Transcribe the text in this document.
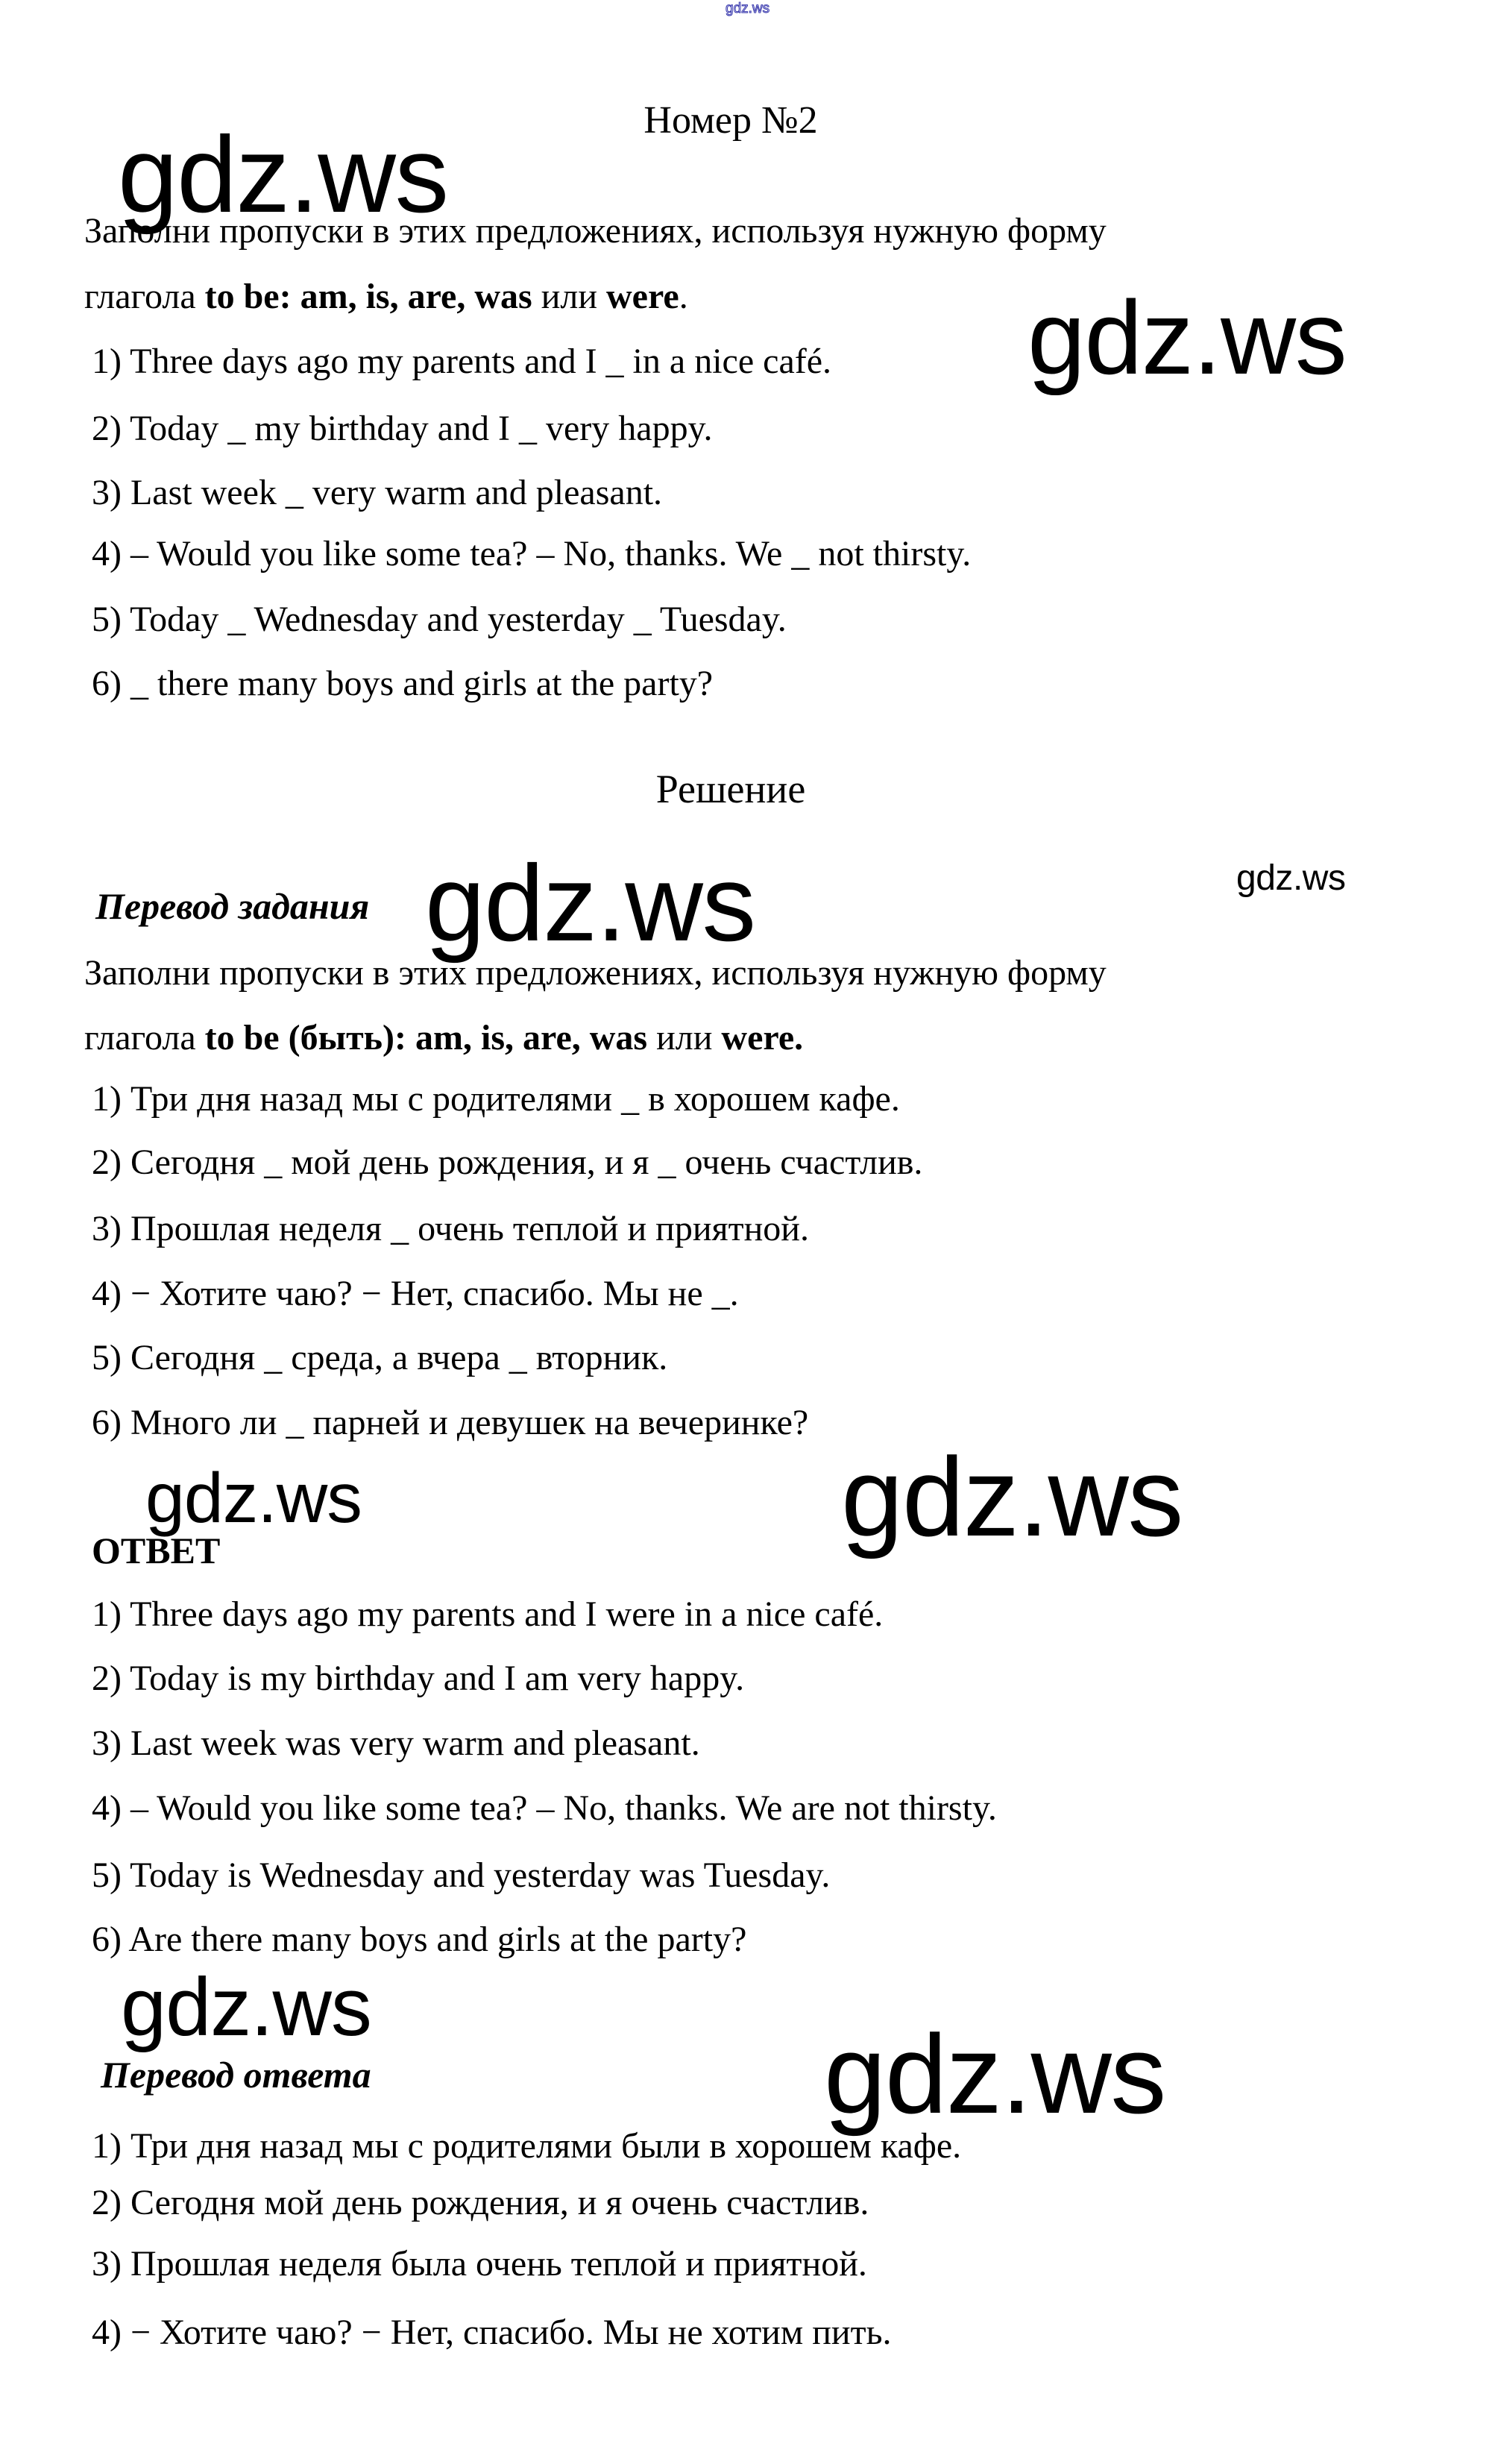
gdz.ws
Номер №2
gdz.ws
Заполни пропуски в этих предложениях, используя нужную форму
глагола to be: am, is, are, was или were.
1) Three days ago my parents and I _ in a nice café.
2) Today _ my birthday and I _ very happy.
3) Last week _ very warm and pleasant.
4) – Would you like some tea? – No, thanks. We _ not thirsty.
5) Today _ Wednesday and yesterday _ Tuesday.
6) _ there many boys and girls at the party?
gdz.ws
Решение
Перевод задания gdz.ws	gdz.ws
Заполни пропуски в этих предложениях, используя нужную форму
глагола to be (быть): am, is, are, was или were.
1) Три дня назад мы с родителями _ в хорошем кафе.
2) Сегодня _ мой день рождения, и я _ очень счастлив.
3) Прошлая неделя _ очень теплой и приятной.
4) − Хотите чаю? − Нет, спасибо. Мы не _.
5) Сегодня _ среда, а вчера _ вторник.
6) Много ли _ парней и девушек на вечеринке?
gdz.ws	gdz.ws
ОТВЕТ
1) Three days ago my parents and I were in a nice café.
2) Today is my birthday and I am very happy.
3) Last week was very warm and pleasant.
4) – Would you like some tea? – No, thanks. We are not thirsty.
5) Today is Wednesday and yesterday was Tuesday.
6) Are there many boys and girls at the party?
gdz.ws
Перевод ответа	gdz.ws
1) Три дня назад мы с родителями были в хорошем кафе.
2) Сегодня мой день рождения, и я очень счастлив.
3) Прошлая неделя была очень теплой и приятной.
4) − Хотите чаю? − Нет, спасибо. Мы не хотим пить.
